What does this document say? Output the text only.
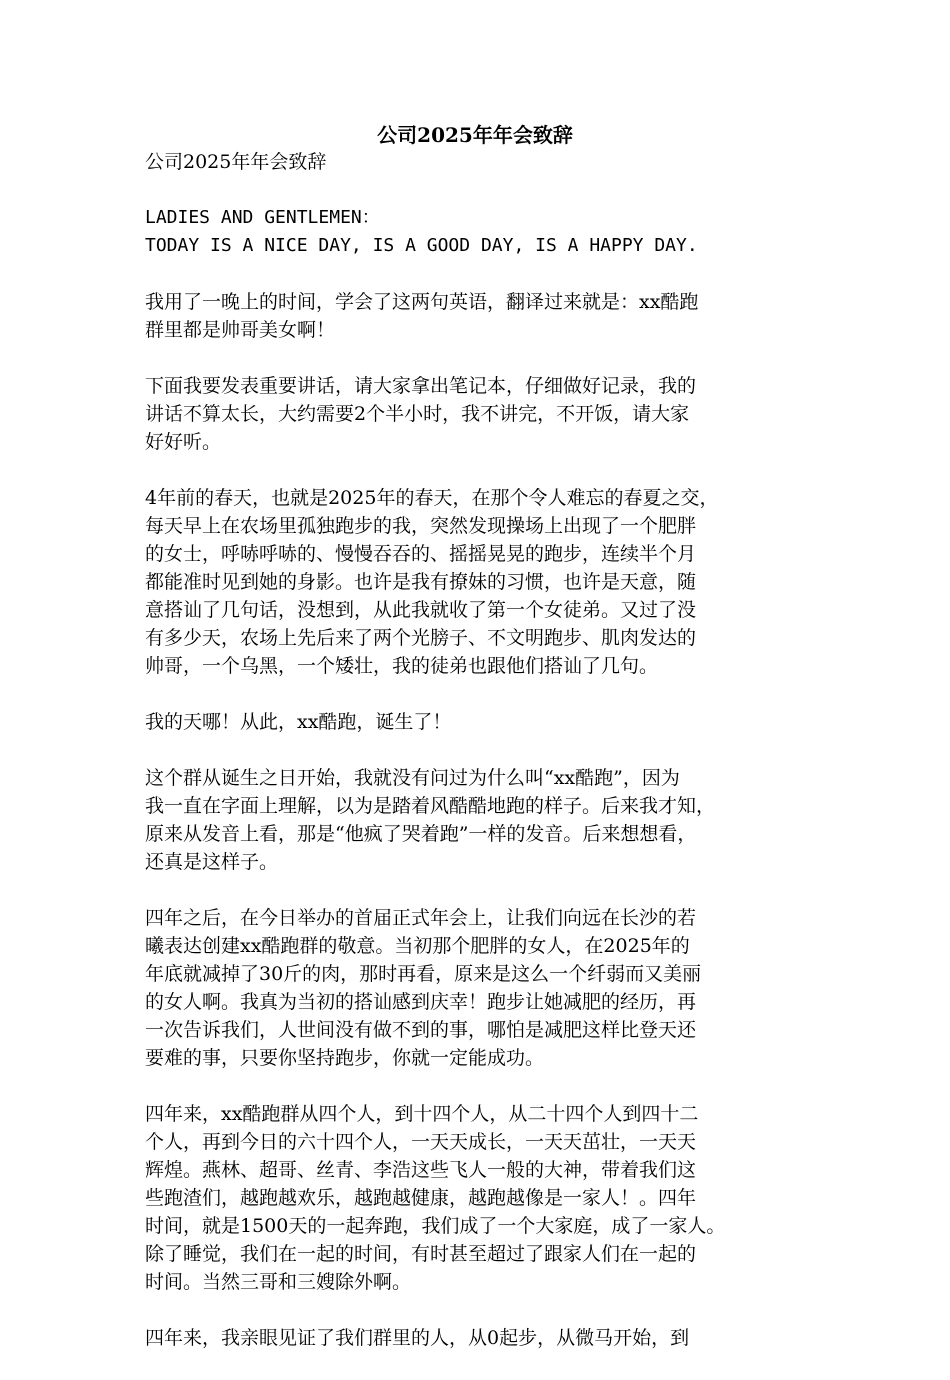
公司2025年年会致辞
公司2025年年会致辞
LADIES AND GENTLEMEN：
TODAY IS A NICE DAY, IS A GOOD DAY, IS A HAPPY DAY.
我用了一晚上的时间，学会了这两句英语，翻译过来就是：xx酷跑
群里都是帅哥美女啊！
下面我要发表重要讲话，请大家拿出笔记本，仔细做好记录，我的
讲话不算太长，大约需要2个半小时，我不讲完，不开饭，请大家
好好听。
4年前的春天，也就是2025年的春天，在那个令人难忘的春夏之交，
每天早上在农场里孤独跑步的我，突然发现操场上出现了一个肥胖
的女士，呼哧呼哧的、慢慢吞吞的、摇摇晃晃的跑步，连续半个月
都能准时见到她的身影。也许是我有撩妹的习惯，也许是天意，随
意搭讪了几句话，没想到，从此我就收了第一个女徒弟。又过了没
有多少天，农场上先后来了两个光膀子、不文明跑步、肌肉发达的
帅哥，一个乌黑，一个矮壮，我的徒弟也跟他们搭讪了几句。
我的天哪！从此，xx酷跑，诞生了！
这个群从诞生之日开始，我就没有问过为什么叫“xx酷跑”，因为
我一直在字面上理解，以为是踏着风酷酷地跑的样子。后来我才知，
原来从发音上看，那是“他疯了哭着跑”一样的发音。后来想想看，
还真是这样子。
四年之后，在今日举办的首届正式年会上，让我们向远在长沙的若
曦表达创建xx酷跑群的敬意。当初那个肥胖的女人，在2025年的
年底就减掉了30斤的肉，那时再看，原来是这么一个纤弱而又美丽
的女人啊。我真为当初的搭讪感到庆幸！跑步让她减肥的经历，再
一次告诉我们，人世间没有做不到的事，哪怕是减肥这样比登天还
要难的事，只要你坚持跑步，你就一定能成功。
四年来，xx酷跑群从四个人，到十四个人，从二十四个人到四十二
个人，再到今日的六十四个人，一天天成长，一天天茁壮，一天天
辉煌。燕林、超哥、丝青、李浩这些飞人一般的大神，带着我们这
些跑渣们，越跑越欢乐，越跑越健康，越跑越像是一家人！。四年
时间，就是1500天的一起奔跑，我们成了一个大家庭，成了一家人。
除了睡觉，我们在一起的时间，有时甚至超过了跟家人们在一起的
时间。当然三哥和三嫂除外啊。
四年来，我亲眼见证了我们群里的人，从0起步，从微马开始，到
